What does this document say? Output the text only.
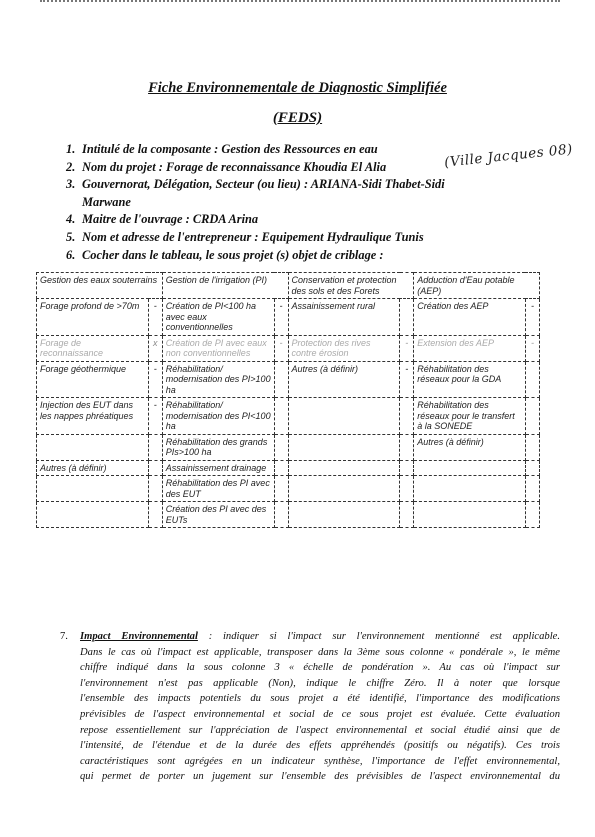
Fiche Environnementale de Diagnostic Simplifiée
(FEDS)
1. Intitulé de la composante : Gestion des Ressources en eau
2. Nom du projet : Forage de reconnaissance Khoudia El Alia
3. Gouvernorat, Délégation, Secteur (ou lieu) : ARIANA-Sidi Thabet-Sidi
Marwane
4. Maitre de l'ouvrage : CRDA Arina
5. Nom et adresse de l'entrepreneur : Equipement Hydraulique Tunis
6. Cocher dans le tableau, le sous projet (s) objet de criblage :
(Ville Jacques 08)
Gestion des eaux souterrains		Gestion de l'irrigation (PI)		Conservation et protection des sols et des Forets		Adduction d'Eau potable (AEP)	
Forage profond de >70m	-	Création de PI<100 ha avec eaux conventionnelles	-	Assainissement rural		Création des AEP	-
Forage de reconnaissance	x	Création de PI avec eaux non conventionnelles	-	Protection des rives contre érosion	-	Extension des AEP	-
Forage géothermique	-	Réhabilitation/ modernisation des PI>100 ha		Autres (à définir)	-	Réhabilitation des réseaux pour la GDA	
Injection des EUT dans les nappes phréatiques	-	Réhabilitation/ modernisation des PI<100 ha				Réhabilitation des réseaux pour le transfert à la SONEDE	
		Réhabilitation des grands PIs>100 ha				Autres (à définir)	
Autres (à définir)		Assainissement drainage					
		Réhabilitation des PI avec des EUT					
		Création des PI avec des EUTs					
7. Impact Environnemental : indiquer si l'impact sur l'environnement mentionné est applicable.
Dans le cas où l'impact est applicable, transposer dans la 3ème sous colonne « pondérale », le même
chiffre indiqué dans la sous colonne 3 « échelle de pondération ». Au cas où l'impact sur
l'environnement n'est pas applicable (Non), indique le chiffre Zéro. Il à noter que lorsque
l'ensemble des impacts potentiels du sous projet a été identifié, l'importance des modifications
prévisibles de l'aspect environnemental et social de ce sous projet est évaluée. Cette évaluation
repose essentiellement sur l'appréciation de l'aspect environnemental et social étudié ainsi que de
l'intensité, de l'étendue et de la durée des effets appréhendés (positifs ou négatifs). Ces trois
caractéristiques sont agrégées en un indicateur synthèse, l'importance de l'effet environnemental,
qui permet de porter un jugement sur l'ensemble des prévisibles de l'aspect environnemental du
